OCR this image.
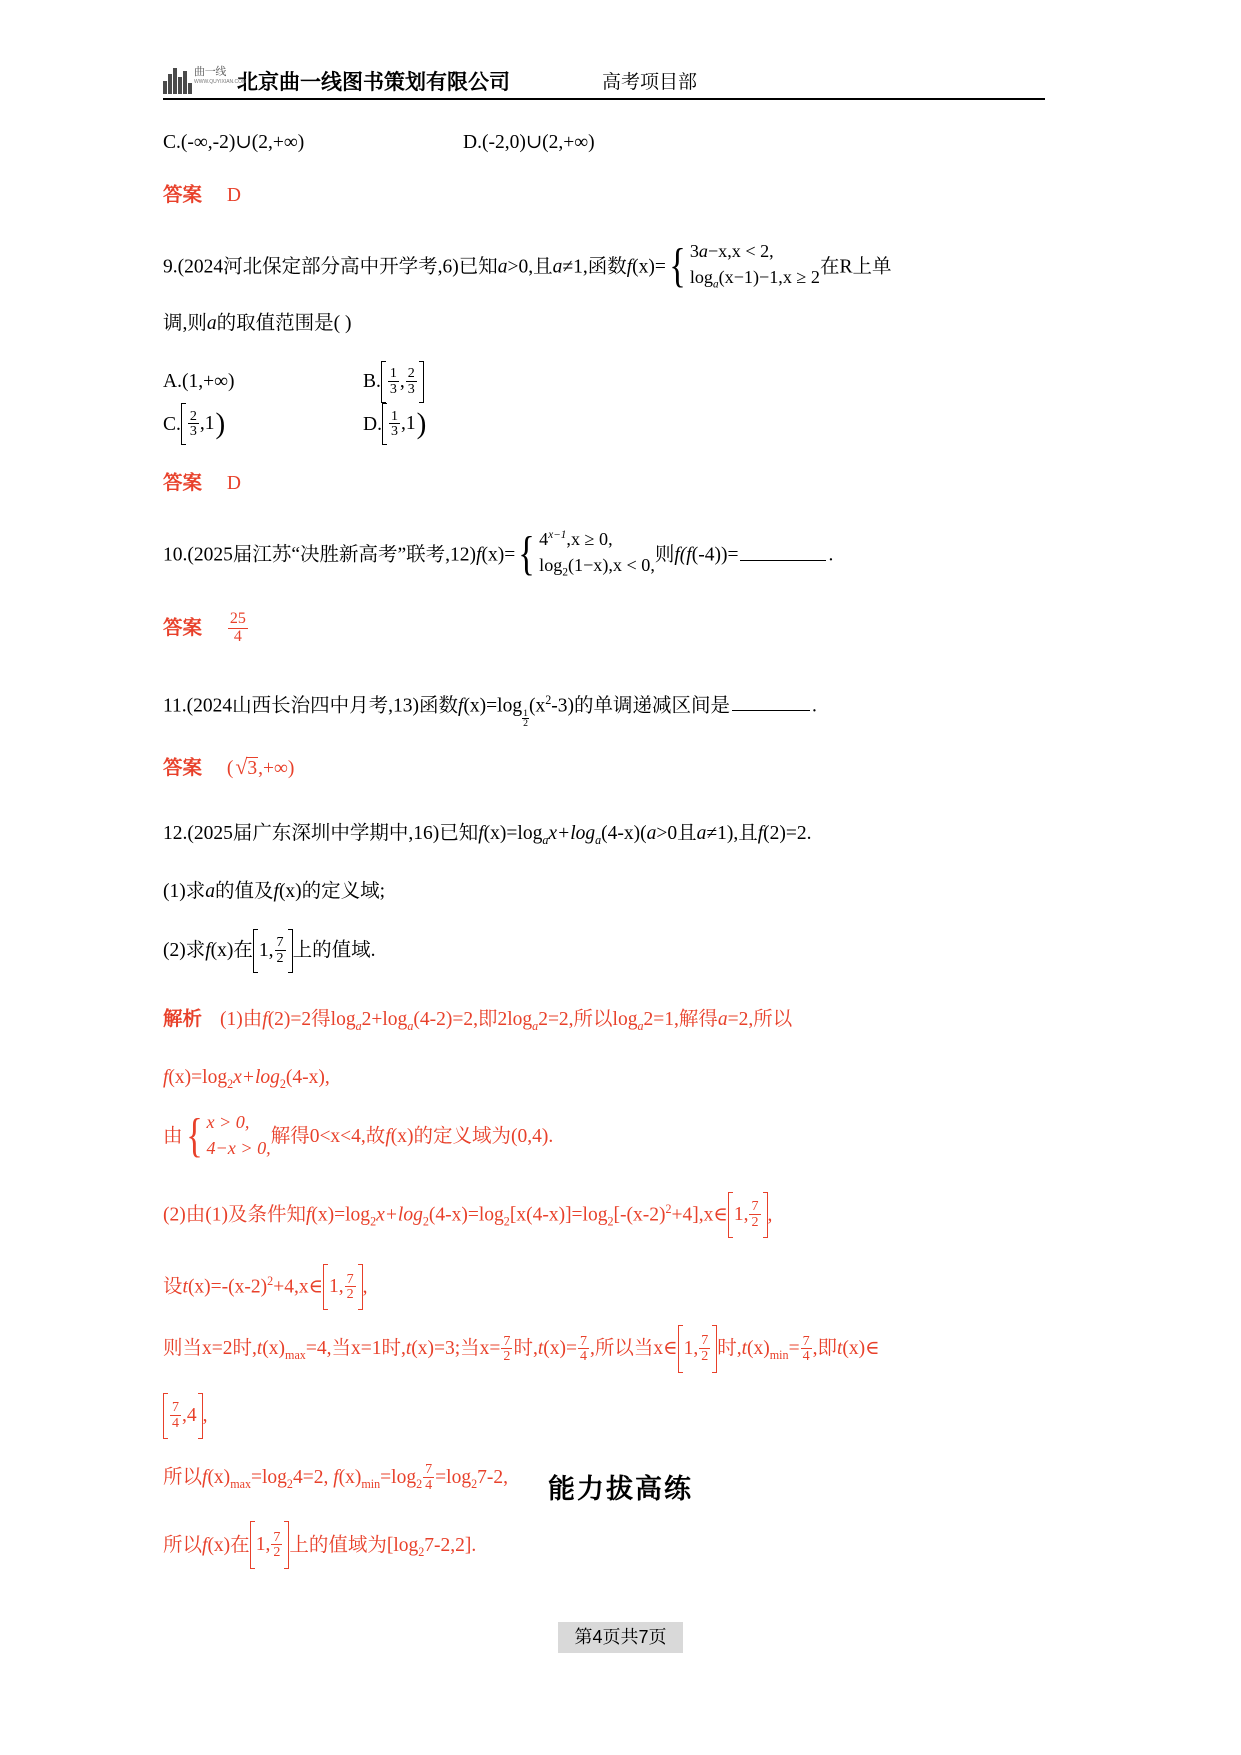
曲一线
WWW.QUYIXIAN.COM
北京曲一线图书策划有限公司	高考项目部
C.(-∞,-2)∪(2,+∞)	D.(-2,0)∪(2,+∞)
答案 D
9.(2024河北保定部分高中开学考,6)已知a>0,且a≠1,函数f(x)= { 3a−x,x < 2,
$\log_a(x-1)-1,x \ge 2$ 在R上单
调,则a的取值范围是( )
A.(1,+∞)	B. $\frac{1}{3}$ , $\frac{2}{3}$
C. $\frac{2}{3} ,1$ )	D. $\frac{1}{3} ,1$ )
答案 D
10.(2025届江苏“决胜新高考”联考,12)f(x)= { $4^{x-1},x \ge 0$,
$\log_2(1-x),x < 0$, 则f(f(-4))=	.
答案 $\frac{25}{4}$
11.(2024山西长治四中月考,13)函数f(x)=log
$\frac{1}{2}$
$(x^2-3)$的单调递减区间是	.
答案 (√3,+∞)
12.(2025届广东深圳中学期中,16)已知$f(x)=\log_ax+\log_a(4-x)(a>0$且a≠1),且f(2)=2.
(1)求a的值及f(x)的定义域;
(2)求f(x)在 1, $\frac{7}{2}$ 上的值域.
解析 (1)由f(2)=2得$\log_a2+\log_a(4-2)=2$,即$2\log_a2=2$,所以$\log_a2=1$,解得a=2,所以
$f(x)=\log_2x+\log_2(4-x)$,
由 { x > 0,
4−x > 0,
解得0<x<4,故f(x)的定义域为(0,4).
(2)由(1)及条件知$f(x)=\log_2x+\log_2(4-x)=\log_2[x(4-x)]=\log_2[-(x-2)^2+4],x\in$ 1, $\frac{7}{2}$ ,
设$t(x)=-(x-2)^2+4,x\in$ 1, $\frac{7}{2}$ ,
则当x=2时$,t(x)_{max}=4$,当x=1时,t(x)=3;当$x= \frac{7}{2}$ 时$,t(x)= \frac{7}{4}$ ,所以当x∈ 1, $\frac{7}{2}$ 时$,t(x)_{min}= \frac{7}{4}$ ,即t(x)∈
$\frac{7}{4} ,4$ ,
所以$f(x)_{max}=\log_24=2$, $f(x)_{min}=\log_2 \frac{7}{4} =\log_27-2$,
所以f(x)在 1, $\frac{7}{2}$ 上的值域为$[\log_27-2,2]$.
能力拔高练
第4页共7页
